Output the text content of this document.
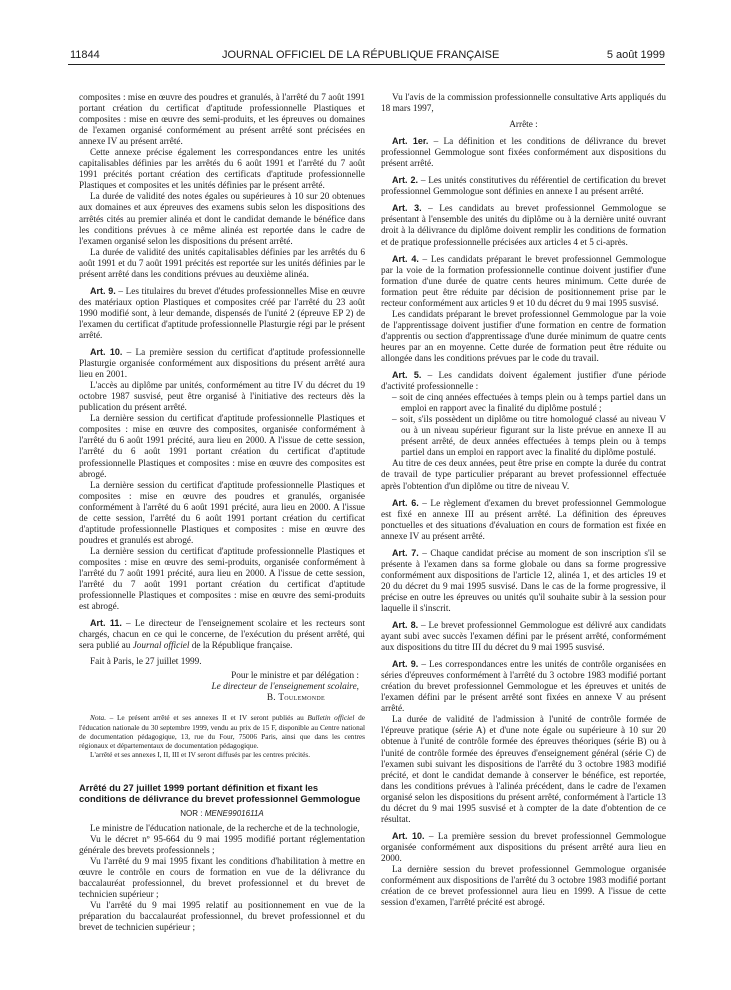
11844	JOURNAL OFFICIEL DE LA RÉPUBLIQUE FRANÇAISE	5 août 1999

composites : mise en œuvre des poudres et granulés, à l'arrêté du 7 août 1991 portant création du certificat d'aptitude professionnelle Plastiques et composites : mise en œuvre des semi-produits, et les épreuves ou domaines de l'examen organisé conformément au présent arrêté sont précisées en annexe IV au présent arrêté.

Cette annexe précise également les correspondances entre les unités capitalisables définies par les arrêtés du 6 août 1991 et l'arrêté du 7 août 1991 précités portant création des certificats d'aptitude professionnelle Plastiques et composites et les unités définies par le présent arrêté.

La durée de validité des notes égales ou supérieures à 10 sur 20 obtenues aux domaines et aux épreuves des examens subis selon les dispositions des arrêtés cités au premier alinéa et dont le candidat demande le bénéfice dans les conditions prévues à ce même alinéa est reportée dans le cadre de l'examen organisé selon les dispositions du présent arrêté.

La durée de validité des unités capitalisables définies par les arrêtés du 6 août 1991 et du 7 août 1991 précités est reportée sur les unités définies par le présent arrêté dans les conditions prévues au deuxième alinéa.

Art. 9. – Les titulaires du brevet d'études professionnelles Mise en œuvre des matériaux option Plastiques et composites créé par l'arrêté du 23 août 1990 modifié sont, à leur demande, dispensés de l'unité 2 (épreuve EP 2) de l'examen du certificat d'aptitude professionnelle Plasturgie régi par le présent arrêté.

Art. 10. – La première session du certificat d'aptitude professionnelle Plasturgie organisée conformément aux dispositions du présent arrêté aura lieu en 2001.

L'accès au diplôme par unités, conformément au titre IV du décret du 19 octobre 1987 susvisé, peut être organisé à l'initiative des recteurs dès la publication du présent arrêté.

La dernière session du certificat d'aptitude professionnelle Plastiques et composites : mise en œuvre des composites, organisée conformément à l'arrêté du 6 août 1991 précité, aura lieu en 2000. A l'issue de cette session, l'arrêté du 6 août 1991 portant création du certificat d'aptitude professionnelle Plastiques et composites : mise en œuvre des composites est abrogé.

La dernière session du certificat d'aptitude professionnelle Plastiques et composites : mise en œuvre des poudres et granulés, organisée conformément à l'arrêté du 6 août 1991 précité, aura lieu en 2000. A l'issue de cette session, l'arrêté du 6 août 1991 portant création du certificat d'aptitude professionnelle Plastiques et composites : mise en œuvre des poudres et granulés est abrogé.

La dernière session du certificat d'aptitude professionnelle Plastiques et composites : mise en œuvre des semi-produits, organisée conformément à l'arrêté du 7 août 1991 précité, aura lieu en 2000. A l'issue de cette session, l'arrêté du 7 août 1991 portant création du certificat d'aptitude professionnelle Plastiques et composites : mise en œuvre des semi-produits est abrogé.

Art. 11. – Le directeur de l'enseignement scolaire et les recteurs sont chargés, chacun en ce qui le concerne, de l'exécution du présent arrêté, qui sera publié au Journal officiel de la République française.

Fait à Paris, le 27 juillet 1999.

Pour le ministre et par délégation :

Le directeur de l'enseignement scolaire,

B. Toulemonde

Nota. – Le présent arrêté et ses annexes II et IV seront publiés au Bulletin officiel de l'éducation nationale du 30 septembre 1999, vendu au prix de 15 F, disponible au Centre national de documentation pédagogique, 13, rue du Four, 75006 Paris, ainsi que dans les centres régionaux et départementaux de documentation pédagogique.

L'arrêté et ses annexes I, II, III et IV seront diffusés par les centres précités.

Arrêté du 27 juillet 1999 portant définition et fixant les conditions de délivrance du brevet professionnel Gemmologue

NOR : MENE9901611A

Le ministre de l'éducation nationale, de la recherche et de la technologie,

Vu le décret nº 95-664 du 9 mai 1995 modifié portant réglementation générale des brevets professionnels ;

Vu l'arrêté du 9 mai 1995 fixant les conditions d'habilitation à mettre en œuvre le contrôle en cours de formation en vue de la délivrance du baccalauréat professionnel, du brevet professionnel et du brevet de technicien supérieur ;

Vu l'arrêté du 9 mai 1995 relatif au positionnement en vue de la préparation du baccalauréat professionnel, du brevet professionnel et du brevet de technicien supérieur ;

Vu l'avis de la commission professionnelle consultative Arts appliqués du 18 mars 1997,

Arrête :

Art. 1er. – La définition et les conditions de délivrance du brevet professionnel Gemmologue sont fixées conformément aux dispositions du présent arrêté.

Art. 2. – Les unités constitutives du référentiel de certification du brevet professionnel Gemmologue sont définies en annexe I au présent arrêté.

Art. 3. – Les candidats au brevet professionnel Gemmologue se présentant à l'ensemble des unités du diplôme ou à la dernière unité ouvrant droit à la délivrance du diplôme doivent remplir les conditions de formation et de pratique professionnelle précisées aux articles 4 et 5 ci-après.

Art. 4. – Les candidats préparant le brevet professionnel Gemmologue par la voie de la formation professionnelle continue doivent justifier d'une formation d'une durée de quatre cents heures minimum. Cette durée de formation peut être réduite par décision de positionnement prise par le recteur conformément aux articles 9 et 10 du décret du 9 mai 1995 susvisé.

Les candidats préparant le brevet professionnel Gemmologue par la voie de l'apprentissage doivent justifier d'une formation en centre de formation d'apprentis ou section d'apprentissage d'une durée minimum de quatre cents heures par an en moyenne. Cette durée de formation peut être réduite ou allongée dans les conditions prévues par le code du travail.

Art. 5. – Les candidats doivent également justifier d'une période d'activité professionnelle :

– soit de cinq années effectuées à temps plein ou à temps partiel dans un emploi en rapport avec la finalité du diplôme postulé ;
– soit, s'ils possèdent un diplôme ou titre homologué classé au niveau V ou à un niveau supérieur figurant sur la liste prévue en annexe II au présent arrêté, de deux années effectuées à temps plein ou à temps partiel dans un emploi en rapport avec la finalité du diplôme postulé.

Au titre de ces deux années, peut être prise en compte la durée du contrat de travail de type particulier préparant au brevet professionnel effectuée après l'obtention d'un diplôme ou titre de niveau V.

Art. 6. – Le règlement d'examen du brevet professionnel Gemmologue est fixé en annexe III au présent arrêté. La définition des épreuves ponctuelles et des situations d'évaluation en cours de formation est fixée en annexe IV au présent arrêté.

Art. 7. – Chaque candidat précise au moment de son inscription s'il se présente à l'examen dans sa forme globale ou dans sa forme progressive conformément aux dispositions de l'article 12, alinéa 1, et des articles 19 et 20 du décret du 9 mai 1995 susvisé. Dans le cas de la forme progressive, il précise en outre les épreuves ou unités qu'il souhaite subir à la session pour laquelle il s'inscrit.

Art. 8. – Le brevet professionnel Gemmologue est délivré aux candidats ayant subi avec succès l'examen défini par le présent arrêté, conformément aux dispositions du titre III du décret du 9 mai 1995 susvisé.

Art. 9. – Les correspondances entre les unités de contrôle organisées en séries d'épreuves conformément à l'arrêté du 3 octobre 1983 modifié portant création du brevet professionnel Gemmologue et les épreuves et unités de l'examen défini par le présent arrêté sont fixées en annexe V au présent arrêté.

La durée de validité de l'admission à l'unité de contrôle formée de l'épreuve pratique (série A) et d'une note égale ou supérieure à 10 sur 20 obtenue à l'unité de contrôle formée des épreuves théoriques (série B) ou à l'unité de contrôle formée des épreuves d'enseignement général (série C) de l'examen subi suivant les dispositions de l'arrêté du 3 octobre 1983 modifié précité, et dont le candidat demande à conserver le bénéfice, est reportée, dans les conditions prévues à l'alinéa précédent, dans le cadre de l'examen organisé selon les dispositions du présent arrêté, conformément à l'article 13 du décret du 9 mai 1995 susvisé et à compter de la date d'obtention de ce résultat.

Art. 10. – La première session du brevet professionnel Gemmologue organisée conformément aux dispositions du présent arrêté aura lieu en 2000.

La dernière session du brevet professionnel Gemmologue organisée conformément aux dispositions de l'arrêté du 3 octobre 1983 modifié portant création de ce brevet professionnel aura lieu en 1999. A l'issue de cette session d'examen, l'arrêté précité est abrogé.
